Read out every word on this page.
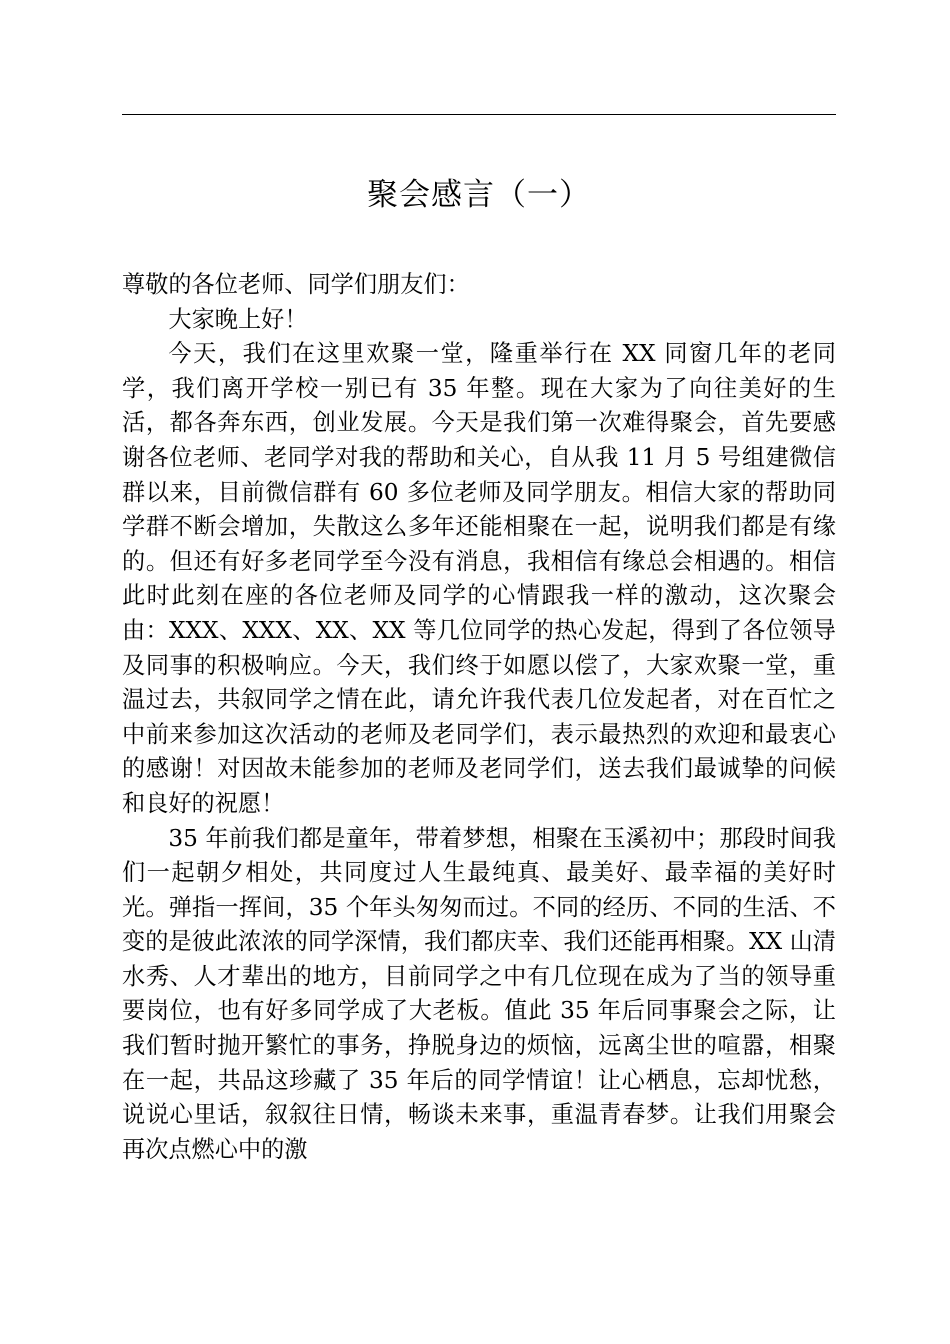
聚会感言（一）

尊敬的各位老师、同学们朋友们：

大家晚上好！

今天，我们在这里欢聚一堂，隆重举行在 XX 同窗几年的老同学，我们离开学校一别已有 35 年整。现在大家为了向往美好的生活，都各奔东西，创业发展。今天是我们第一次难得聚会，首先要感谢各位老师、老同学对我的帮助和关心，自从我 11 月 5 号组建微信群以来，目前微信群有 60 多位老师及同学朋友。相信大家的帮助同学群不断会增加，失散这么多年还能相聚在一起，说明我们都是有缘的。但还有好多老同学至今没有消息，我相信有缘总会相遇的。相信此时此刻在座的各位老师及同学的心情跟我一样的激动，这次聚会由：XXX、XXX、XX、XX 等几位同学的热心发起，得到了各位领导及同事的积极响应。今天，我们终于如愿以偿了，大家欢聚一堂，重温过去，共叙同学之情在此，请允许我代表几位发起者，对在百忙之中前来参加这次活动的老师及老同学们，表示最热烈的欢迎和最衷心的感谢！对因故未能参加的老师及老同学们，送去我们最诚挚的问候和良好的祝愿！

35 年前我们都是童年，带着梦想，相聚在玉溪初中；那段时间我们一起朝夕相处，共同度过人生最纯真、最美好、最幸福的美好时光。弹指一挥间，35 个年头匆匆而过。不同的经历、不同的生活、不变的是彼此浓浓的同学深情，我们都庆幸、我们还能再相聚。XX 山清水秀、人才辈出的地方，目前同学之中有几位现在成为了当的领导重要岗位，也有好多同学成了大老板。值此 35 年后同事聚会之际，让我们暂时抛开繁忙的事务，挣脱身边的烦恼，远离尘世的喧嚣，相聚在一起，共品这珍藏了 35 年后的同学情谊！让心栖息，忘却忧愁，说说心里话，叙叙往日情，畅谈未来事，重温青春梦。让我们用聚会再次点燃心中的激
